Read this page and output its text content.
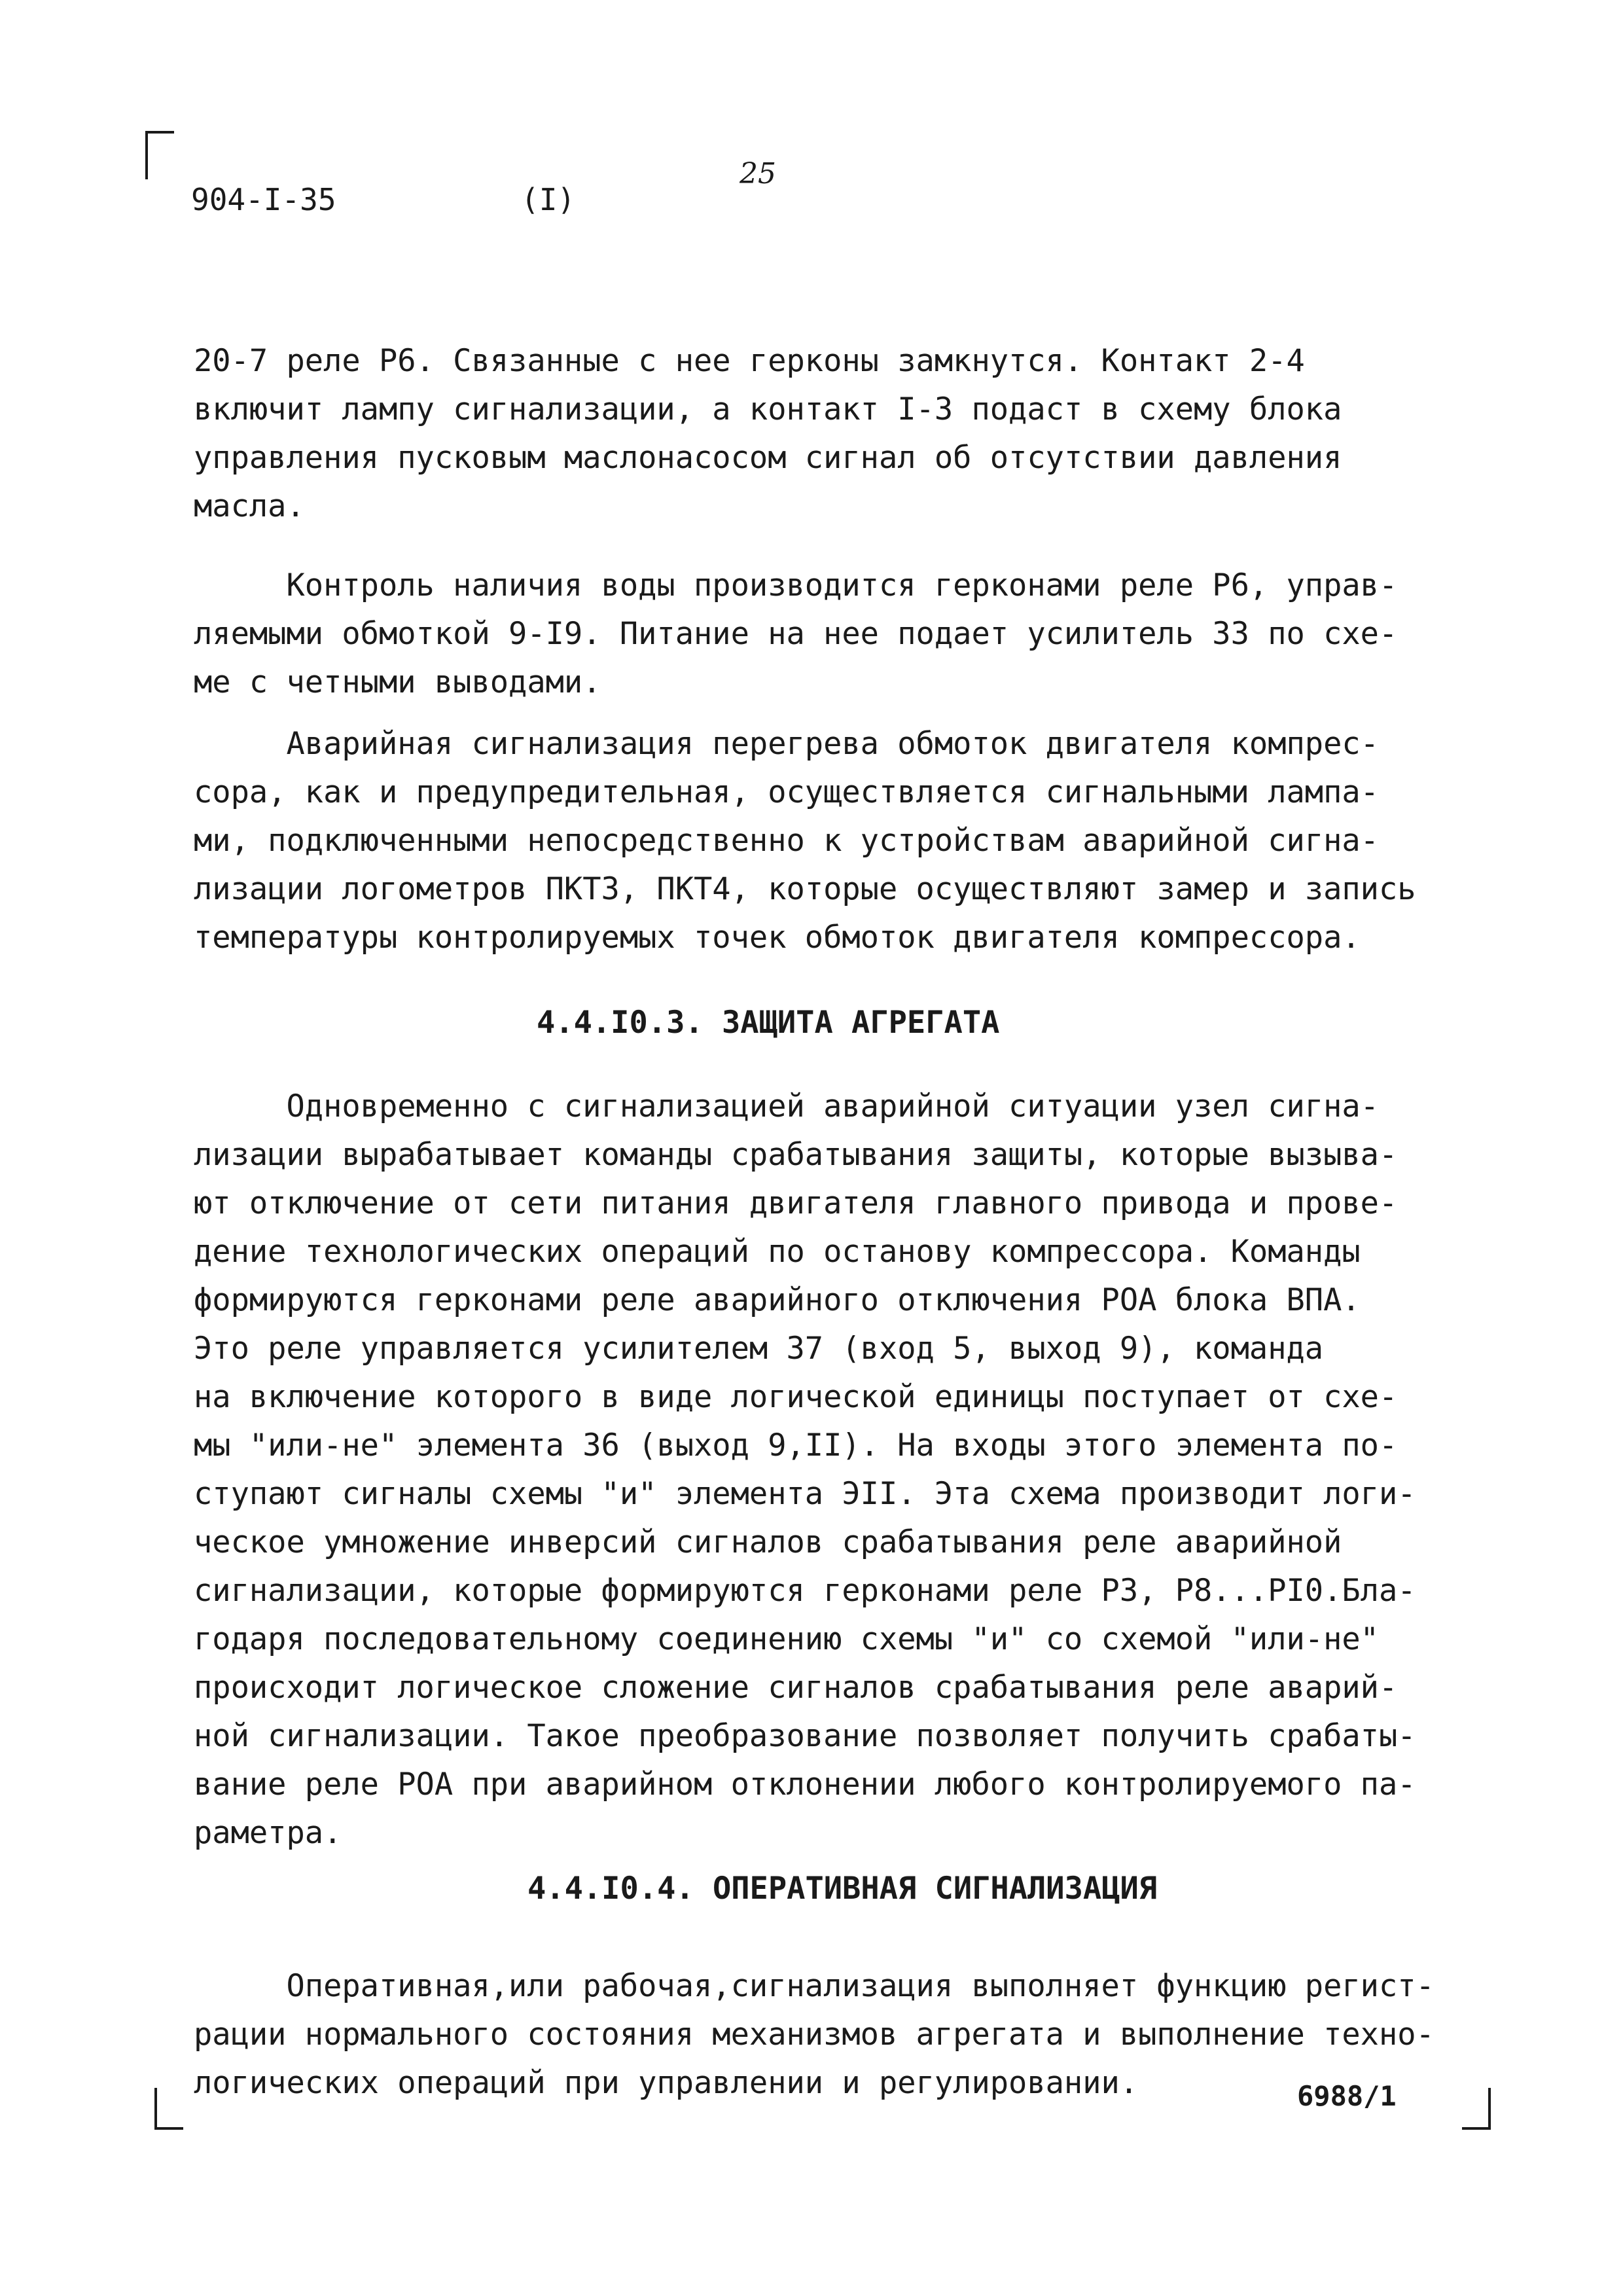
904-I-35	(I)
25
20-7 реле Р6. Связанные с нее герконы замкнутся. Контакт 2-4
включит лампу сигнализации, а контакт I-3 подаст в схему блока
управления пусковым маслонасосом сигнал об отсутствии давления
масла.
Контроль наличия воды производится герконами реле Р6, управ-
ляемыми обмоткой 9-I9. Питание на нее подает усилитель 33 по схе-
ме с четными выводами.
Аварийная сигнализация перегрева обмоток двигателя компрес-
сора, как и предупредительная, осуществляется сигнальными лампа-
ми, подключенными непосредственно к устройствам аварийной сигна-
лизации логометров ПКТ3, ПКТ4, которые осуществляют замер и запись
температуры контролируемых точек обмоток двигателя компрессора.
4.4.I0.3. ЗАЩИТА АГРЕГАТА
Одновременно с сигнализацией аварийной ситуации узел сигна-
лизации вырабатывает команды срабатывания защиты, которые вызыва-
ют отключение от сети питания двигателя главного привода и прове-
дение технологических операций по останову компрессора. Команды
формируются герконами реле аварийного отключения РОА блока ВПА.
Это реле управляется усилителем 37 (вход 5, выход 9), команда
на включение которого в виде логической единицы поступает от схе-
мы "или-не" элемента 36 (выход 9,II). На входы этого элемента по-
ступают сигналы схемы "и" элемента ЭII. Эта схема производит логи-
ческое умножение инверсий сигналов срабатывания реле аварийной
сигнализации, которые формируются герконами реле Р3, Р8...РI0.Бла-
годаря последовательному соединению схемы "и" со схемой "или-не"
происходит логическое сложение сигналов срабатывания реле аварий-
ной сигнализации. Такое преобразование позволяет получить срабаты-
вание реле РОА при аварийном отклонении любого контролируемого па-
раметра.
4.4.I0.4. ОПЕРАТИВНАЯ СИГНАЛИЗАЦИЯ
Оперативная,или рабочая,сигнализация выполняет функцию регист-
рации нормального состояния механизмов агрегата и выполнение техно-
логических операций при управлении и регулировании.	6988/1
